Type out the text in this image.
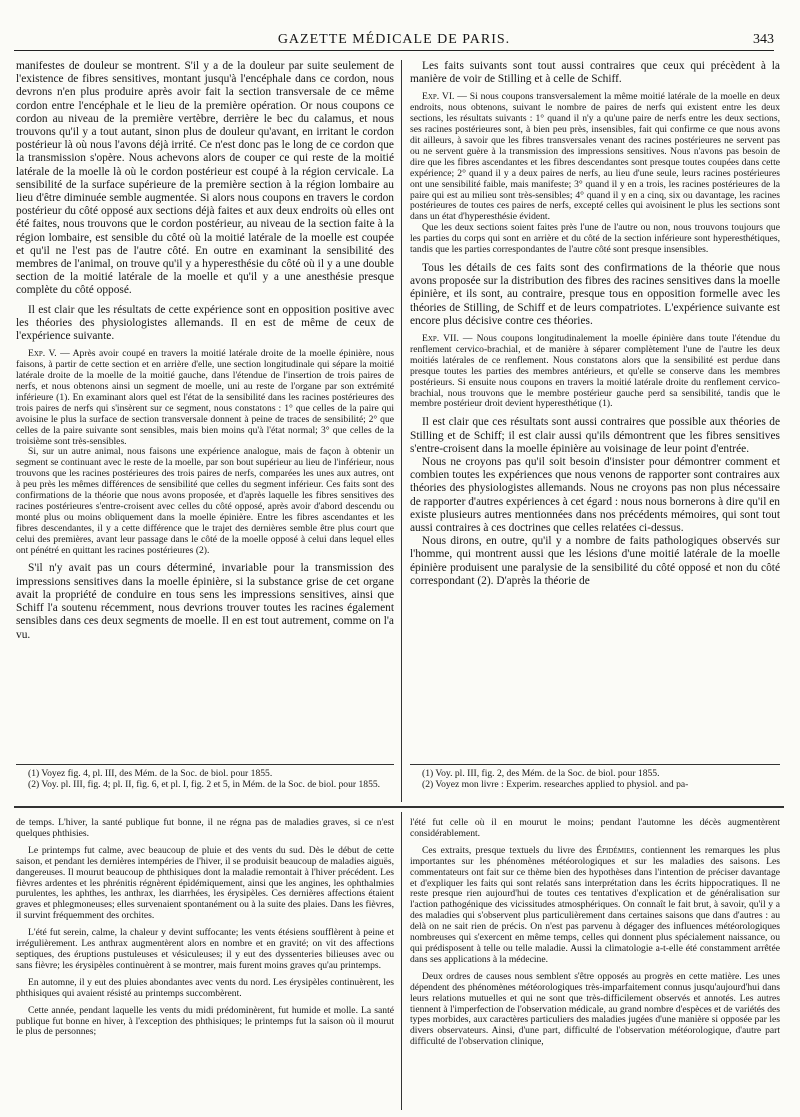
GAZETTE MÉDICALE DE PARIS.	343

manifestes de douleur se montrent. S'il y a de la douleur par suite seulement de l'existence de fibres sensitives, montant jusqu'à l'encéphale dans ce cordon, nous devrons n'en plus produire après avoir fait la section transversale de ce même cordon entre l'encéphale et le lieu de la première opération. Or nous coupons ce cordon au niveau de la première vertèbre, derrière le bec du calamus, et nous trouvons qu'il y a tout autant, sinon plus de douleur qu'avant, en irritant le cordon postérieur là où nous l'avons déjà irrité. Ce n'est donc pas le long de ce cordon que la transmission s'opère. Nous achevons alors de couper ce qui reste de la moitié latérale de la moelle là où le cordon postérieur est coupé à la région cervicale. La sensibilité de la surface supérieure de la première section à la région lombaire au lieu d'être diminuée semble augmentée. Si alors nous coupons en travers le cordon postérieur du côté opposé aux sections déjà faites et aux deux endroits où elles ont été faites, nous trouvons que le cordon postérieur, au niveau de la section faite à la région lombaire, est sensible du côté où la moitié latérale de la moelle est coupée et qu'il ne l'est pas de l'autre côté. En outre en examinant la sensibilité des membres de l'animal, on trouve qu'il y a hyperesthésie du côté où il y a une double section de la moitié latérale de la moelle et qu'il y a une anesthésie presque complète du côté opposé.

Il est clair que les résultats de cette expérience sont en opposition positive avec les théories des physiologistes allemands. Il en est de même de ceux de l'expérience suivante.

Exp. V. — Après avoir coupé en travers la moitié latérale droite de la moelle épinière, nous faisons, à partir de cette section et en arrière d'elle, une section longitudinale qui sépare la moitié latérale droite de la moelle de la moitié gauche, dans l'étendue de l'insertion de trois paires de nerfs, et nous obtenons ainsi un segment de moelle, uni au reste de l'organe par son extrémité inférieure (1). En examinant alors quel est l'état de la sensibilité dans les racines postérieures des trois paires de nerfs qui s'insèrent sur ce segment, nous constatons : 1° que celles de la paire qui avoisine le plus la surface de section transversale donnent à peine de traces de sensibilité; 2° que celles de la paire suivante sont sensibles, mais bien moins qu'à l'état normal; 3° que celles de la troisième sont très-sensibles.

Si, sur un autre animal, nous faisons une expérience analogue, mais de façon à obtenir un segment se continuant avec le reste de la moelle, par son bout supérieur au lieu de l'inférieur, nous trouvons que les racines postérieures des trois paires de nerfs, comparées les unes aux autres, ont à peu près les mêmes différences de sensibilité que celles du segment inférieur. Ces faits sont des confirmations de la théorie que nous avons proposée, et d'après laquelle les fibres sensitives des racines postérieures s'entre-croisent avec celles du côté opposé, après avoir d'abord descendu ou monté plus ou moins obliquement dans la moelle épinière. Entre les fibres ascendantes et les fibres descendantes, il y a cette différence que le trajet des dernières semble être plus court que celui des premières, avant leur passage dans le côté de la moelle opposé à celui dans lequel elles ont pénétré en quittant les racines postérieures (2).

S'il n'y avait pas un cours déterminé, invariable pour la transmission des impressions sensitives dans la moelle épinière, si la substance grise de cet organe avait la propriété de conduire en tous sens les impressions sensitives, ainsi que Schiff l'a soutenu récemment, nous devrions trouver toutes les racines également sensibles dans ces deux segments de moelle. Il en est tout autrement, comme on l'a vu.

Les faits suivants sont tout aussi contraires que ceux qui précèdent à la manière de voir de Stilling et à celle de Schiff.

Exp. VI. — Si nous coupons transversalement la même moitié latérale de la moelle en deux endroits, nous obtenons, suivant le nombre de paires de nerfs qui existent entre les deux sections, les résultats suivants : 1° quand il n'y a qu'une paire de nerfs entre les deux sections, ses racines postérieures sont, à bien peu près, insensibles, fait qui confirme ce que nous avons dit ailleurs, à savoir que les fibres transversales venant des racines postérieures ne servent pas ou ne servent guère à la transmission des impressions sensitives. Nous n'avons pas besoin de dire que les fibres ascendantes et les fibres descendantes sont presque toutes coupées dans cette expérience; 2° quand il y a deux paires de nerfs, au lieu d'une seule, leurs racines postérieures ont une sensibilité faible, mais manifeste; 3° quand il y en a trois, les racines postérieures de la paire qui est au milieu sont très-sensibles; 4° quand il y en a cinq, six ou davantage, les racines postérieures de toutes ces paires de nerfs, excepté celles qui avoisinent le plus les sections sont dans un état d'hyperesthésie évident.

Que les deux sections soient faites près l'une de l'autre ou non, nous trouvons toujours que les parties du corps qui sont en arrière et du côté de la section inférieure sont hyperesthétiques, tandis que les parties correspondantes de l'autre côté sont presque insensibles.

Tous les détails de ces faits sont des confirmations de la théorie que nous avons proposée sur la distribution des fibres des racines sensitives dans la moelle épinière, et ils sont, au contraire, presque tous en opposition formelle avec les théories de Stilling, de Schiff et de leurs compatriotes. L'expérience suivante est encore plus décisive contre ces théories.

Exp. VII. — Nous coupons longitudinalement la moelle épinière dans toute l'étendue du renflement cervico-brachial, et de manière à séparer complètement l'une de l'autre les deux moitiés latérales de ce renflement. Nous constatons alors que la sensibilité est perdue dans presque toutes les parties des membres antérieurs, et qu'elle se conserve dans les membres postérieurs. Si ensuite nous coupons en travers la moitié latérale droite du renflement cervico-brachial, nous trouvons que le membre postérieur gauche perd sa sensibilité, tandis que le membre postérieur droit devient hyperesthétique (1).

Il est clair que ces résultats sont aussi contraires que possible aux théories de Stilling et de Schiff; il est clair aussi qu'ils démontrent que les fibres sensitives s'entre-croisent dans la moelle épinière au voisinage de leur point d'entrée.

Nous ne croyons pas qu'il soit besoin d'insister pour démontrer comment et combien toutes les expériences que nous venons de rapporter sont contraires aux théories des physiologistes allemands. Nous ne croyons pas non plus nécessaire de rapporter d'autres expériences à cet égard : nous nous bornerons à dire qu'il en existe plusieurs autres mentionnées dans nos précédents mémoires, qui sont tout aussi contraires à ces doctrines que celles relatées ci-dessus.

Nous dirons, en outre, qu'il y a nombre de faits pathologiques observés sur l'homme, qui montrent aussi que les lésions d'une moitié latérale de la moelle épinière produisent une paralysie de la sensibilité du côté opposé et non du côté correspondant (2). D'après la théorie de

(1) Voyez fig. 4, pl. III, des Mém. de la Soc. de biol. pour 1855.

(2) Voy. pl. III, fig. 4; pl. II, fig. 6, et pl. I, fig. 2 et 5, in Mém. de la Soc. de biol. pour 1855.

(1) Voy. pl. III, fig. 2, des Mém. de la Soc. de biol. pour 1855.

(2) Voyez mon livre : Experim. researches applied to physiol. and pa-

de temps. L'hiver, la santé publique fut bonne, il ne régna pas de maladies graves, si ce n'est quelques phthisies.

Le printemps fut calme, avec beaucoup de pluie et des vents du sud. Dès le début de cette saison, et pendant les dernières intempéries de l'hiver, il se produisit beaucoup de maladies aiguës, dangereuses. Il mourut beaucoup de phthisiques dont la maladie remontait à l'hiver précédent. Les fièvres ardentes et les phrénitis régnèrent épidémiquement, ainsi que les angines, les ophthalmies purulentes, les aphthes, les anthrax, les diarrhées, les érysipèles. Ces dernières affections étaient graves et phlegmoneuses; elles survenaient spontanément ou à la suite des plaies. Dans les fièvres, il survint fréquemment des orchites.

L'été fut serein, calme, la chaleur y devint suffocante; les vents étésiens soufflèrent à peine et irrégulièrement. Les anthrax augmentèrent alors en nombre et en gravité; on vit des affections septiques, des éruptions pustuleuses et vésiculeuses; il y eut des dyssenteries bilieuses avec ou sans fièvre; les érysipèles continuèrent à se montrer, mais furent moins graves qu'au printemps.

En automne, il y eut des pluies abondantes avec vents du nord. Les érysipèles continuèrent, les phthisiques qui avaient résisté au printemps succombèrent.

Cette année, pendant laquelle les vents du midi prédominèrent, fut humide et molle. La santé publique fut bonne en hiver, à l'exception des phthisiques; le printemps fut la saison où il mourut le plus de personnes;

l'été fut celle où il en mourut le moins; pendant l'automne les décès augmentèrent considérablement.

Ces extraits, presque textuels du livre des Épidémies, contiennent les remarques les plus importantes sur les phénomènes météorologiques et sur les maladies des saisons. Les commentateurs ont fait sur ce thème bien des hypothèses dans l'intention de préciser davantage et d'expliquer les faits qui sont relatés sans interprétation dans les écrits hippocratiques. Il ne reste presque rien aujourd'hui de toutes ces tentatives d'explication et de généralisation sur l'action pathogénique des vicissitudes atmosphériques. On connaît le fait brut, à savoir, qu'il y a des maladies qui s'observent plus particulièrement dans certaines saisons que dans d'autres : au delà on ne sait rien de précis. On n'est pas parvenu à dégager des influences météorologiques nombreuses qui s'exercent en même temps, celles qui donnent plus spécialement naissance, ou qui prédisposent à telle ou telle maladie. Aussi la climatologie a-t-elle été constamment arrêtée dans ses applications à la médecine.

Deux ordres de causes nous semblent s'être opposés au progrès en cette matière. Les unes dépendent des phénomènes météorologiques très-imparfaitement connus jusqu'aujourd'hui dans leurs relations mutuelles et qui ne sont que très-difficilement observés et annotés. Les autres tiennent à l'imperfection de l'observation médicale, au grand nombre d'espèces et de variétés des types morbides, aux caractères particuliers des maladies jugées d'une manière si opposée par les divers observateurs. Ainsi, d'une part, difficulté de l'observation météorologique, d'autre part difficulté de l'observation clinique,
